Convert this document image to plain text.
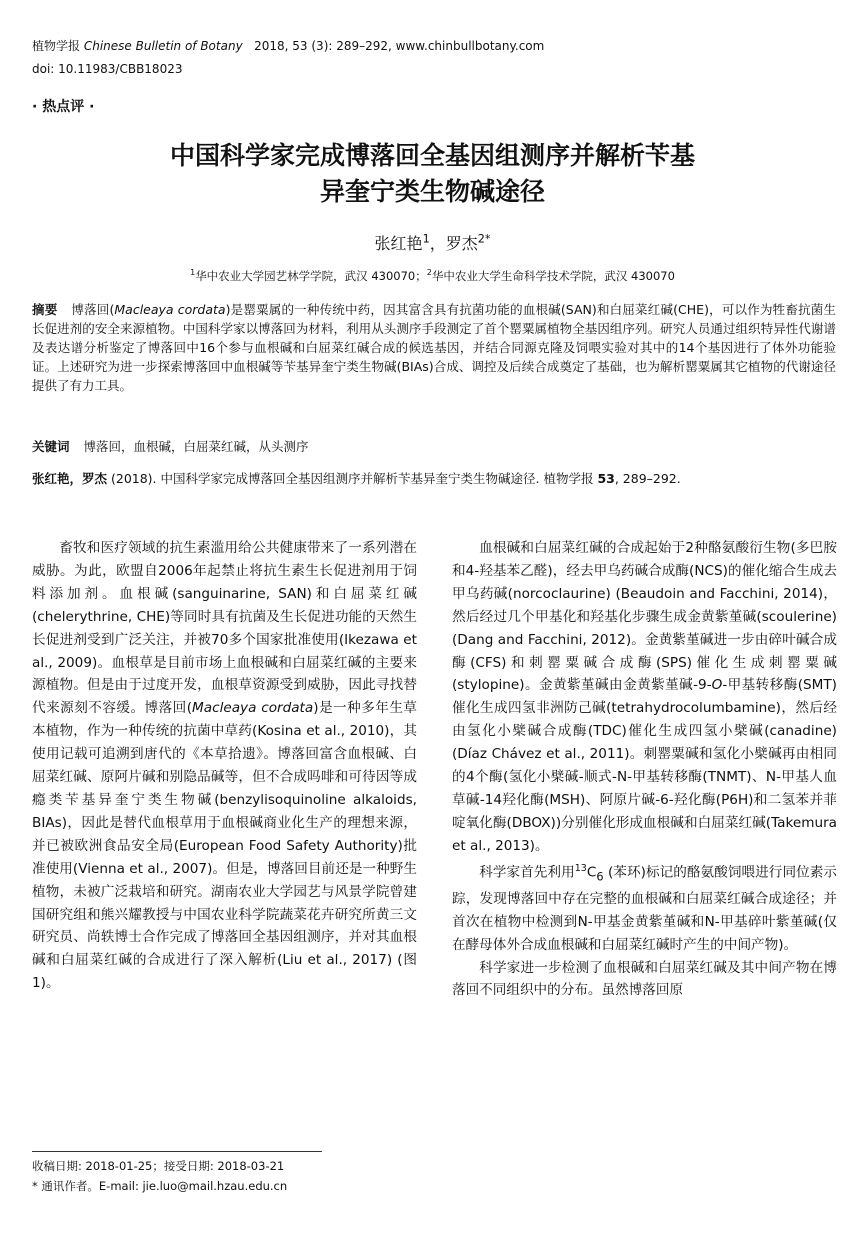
植物学报 Chinese Bulletin of Botany 2018, 53 (3): 289–292, www.chinbullbotany.com
doi: 10.11983/CBB18023
· 热点评 ·
中国科学家完成博落回全基因组测序并解析苄基
异奎宁类生物碱途径
张红艳$^1$，罗杰$^{2*}$
$^1$华中农业大学园艺林学学院，武汉 430070；$^2$华中农业大学生命科学技术学院，武汉 430070
摘要 博落回(Macleaya cordata)是罂粟属的一种传统中药，因其富含具有抗菌功能的血根碱(SAN)和白屈菜红碱(CHE)，可以作为牲畜抗菌生长促进剂的安全来源植物。中国科学家以博落回为材料，利用从头测序手段测定了首个罂粟属植物全基因组序列。研究人员通过组织特异性代谢谱及表达谱分析鉴定了博落回中16个参与血根碱和白屈菜红碱合成的候选基因，并结合同源克隆及饲喂实验对其中的14个基因进行了体外功能验证。上述研究为进一步探索博落回中血根碱等苄基异奎宁类生物碱(BIAs)合成、调控及后续合成奠定了基础，也为解析罂粟属其它植物的代谢途径提供了有力工具。
关键词 博落回，血根碱，白屈菜红碱，从头测序
张红艳，罗杰 (2018). 中国科学家完成博落回全基因组测序并解析苄基异奎宁类生物碱途径. 植物学报 53, 289–292.

畜牧和医疗领域的抗生素滥用给公共健康带来了一系列潜在威胁。为此，欧盟自2006年起禁止将抗生素生长促进剂用于饲料添加剂。血根碱(sanguinarine, SAN)和白屈菜红碱(chelerythrine, CHE)等同时具有抗菌及生长促进功能的天然生长促进剂受到广泛关注，并被70多个国家批准使用(Ikezawa et al., 2009)。血根草是目前市场上血根碱和白屈菜红碱的主要来源植物。但是由于过度开发，血根草资源受到威胁，因此寻找替代来源刻不容缓。博落回(Macleaya cordata)是一种多年生草本植物，作为一种传统的抗菌中草药(Kosina et al., 2010)，其使用记载可追溯到唐代的《本草拾遗》。博落回富含血根碱、白屈菜红碱、原阿片碱和别隐品碱等，但不合成吗啡和可待因等成瘾类苄基异奎宁类生物碱(benzylisoquinoline alkaloids, BIAs)，因此是替代血根草用于血根碱商业化生产的理想来源，并已被欧洲食品安全局(European Food Safety Authority)批准使用(Vienna et al., 2007)。但是，博落回目前还是一种野生植物，未被广泛栽培和研究。湖南农业大学园艺与风景学院曾建国研究组和熊兴耀教授与中国农业科学院蔬菜花卉研究所黄三文研究员、尚轶博士合作完成了博落回全基因组测序，并对其血根碱和白屈菜红碱的合成进行了深入解析(Liu et al., 2017) (图1)。

血根碱和白屈菜红碱的合成起始于2种酪氨酸衍生物(多巴胺和4-羟基苯乙醛)，经去甲乌药碱合成酶(NCS)的催化缩合生成去甲乌药碱(norcoclaurine) (Beaudoin and Facchini, 2014)，然后经过几个甲基化和羟基化步骤生成金黄紫堇碱(scoulerine) (Dang and Facchini, 2012)。金黄紫堇碱进一步由碎叶碱合成酶(CFS)和刺罂粟碱合成酶(SPS)催化生成刺罂粟碱(stylopine)。金黄紫堇碱由金黄紫堇碱-9-O-甲基转移酶(SMT)催化生成四氢非洲防己碱(tetrahydrocolumbamine)，然后经由氢化小檗碱合成酶(TDC)催化生成四氢小檗碱(canadine) (Díaz Chávez et al., 2011)。刺罂粟碱和氢化小檗碱再由相同的4个酶(氢化小檗碱-顺式-N-甲基转移酶(TNMT)、N-甲基人血草碱-14羟化酶(MSH)、阿原片碱-6-羟化酶(P6H)和二氢苯并菲啶氧化酶(DBOX))分别催化形成血根碱和白屈菜红碱(Takemura et al., 2013)。

科学家首先利用$^{13}C_6$ (苯环)标记的酪氨酸饲喂进行同位素示踪，发现博落回中存在完整的血根碱和白屈菜红碱合成途径；并首次在植物中检测到N-甲基金黄紫堇碱和N-甲基碎叶紫堇碱(仅在酵母体外合成血根碱和白屈菜红碱时产生的中间产物)。

科学家进一步检测了血根碱和白屈菜红碱及其中间产物在博落回不同组织中的分布。虽然博落回原

收稿日期: 2018-01-25；接受日期: 2018-03-21
* 通讯作者。E-mail: jie.luo@mail.hzau.edu.cn
